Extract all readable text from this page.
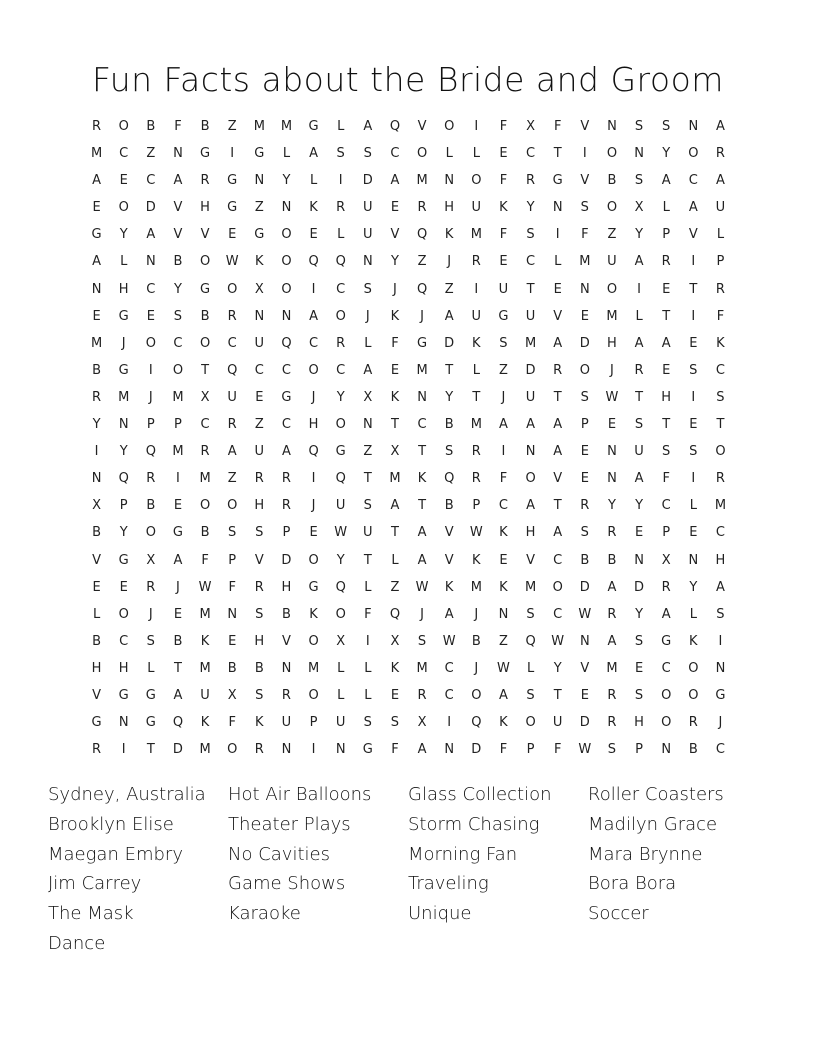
Fun Facts about the Bride and Groom
R	O	B	F	B	Z	M	M	G	L	A	Q	V	O	I	F	X	F	V	N	S	S	N	A
M	C	Z	N	G	I	G	L	A	S	S	C	O	L	L	E	C	T	I	O	N	Y	O	R
A	E	C	A	R	G	N	Y	L	I	D	A	M	N	O	F	R	G	V	B	S	A	C	A
E	O	D	V	H	G	Z	N	K	R	U	E	R	H	U	K	Y	N	S	O	X	L	A	U
G	Y	A	V	V	E	G	O	E	L	U	V	Q	K	M	F	S	I	F	Z	Y	P	V	L
A	L	N	B	O	W	K	O	Q	Q	N	Y	Z	J	R	E	C	L	M	U	A	R	I	P
N	H	C	Y	G	O	X	O	I	C	S	J	Q	Z	I	U	T	E	N	O	I	E	T	R
E	G	E	S	B	R	N	N	A	O	J	K	J	A	U	G	U	V	E	M	L	T	I	F
M	J	O	C	O	C	U	Q	C	R	L	F	G	D	K	S	M	A	D	H	A	A	E	K
B	G	I	O	T	Q	C	C	O	C	A	E	M	T	L	Z	D	R	O	J	R	E	S	C
R	M	J	M	X	U	E	G	J	Y	X	K	N	Y	T	J	U	T	S	W	T	H	I	S
Y	N	P	P	C	R	Z	C	H	O	N	T	C	B	M	A	A	A	P	E	S	T	E	T
I	Y	Q	M	R	A	U	A	Q	G	Z	X	T	S	R	I	N	A	E	N	U	S	S	O
N	Q	R	I	M	Z	R	R	I	Q	T	M	K	Q	R	F	O	V	E	N	A	F	I	R
X	P	B	E	O	O	H	R	J	U	S	A	T	B	P	C	A	T	R	Y	Y	C	L	M
B	Y	O	G	B	S	S	P	E	W	U	T	A	V	W	K	H	A	S	R	E	P	E	C
V	G	X	A	F	P	V	D	O	Y	T	L	A	V	K	E	V	C	B	B	N	X	N	H
E	E	R	J	W	F	R	H	G	Q	L	Z	W	K	M	K	M	O	D	A	D	R	Y	A
L	O	J	E	M	N	S	B	K	O	F	Q	J	A	J	N	S	C	W	R	Y	A	L	S
B	C	S	B	K	E	H	V	O	X	I	X	S	W	B	Z	Q	W	N	A	S	G	K	I
H	H	L	T	M	B	B	N	M	L	L	K	M	C	J	W	L	Y	V	M	E	C	O	N
V	G	G	A	U	X	S	R	O	L	L	E	R	C	O	A	S	T	E	R	S	O	O	G
G	N	G	Q	K	F	K	U	P	U	S	S	X	I	Q	K	O	U	D	R	H	O	R	J
R	I	T	D	M	O	R	N	I	N	G	F	A	N	D	F	P	F	W	S	P	N	B	C
Sydney, Australia	Hot Air Balloons	Glass Collection	Roller Coasters
Brooklyn Elise	Theater Plays	Storm Chasing	Madilyn Grace
Maegan Embry	No Cavities	Morning Fan	Mara Brynne
Jim Carrey	Game Shows	Traveling	Bora Bora
The Mask	Karaoke	Unique	Soccer
Dance
